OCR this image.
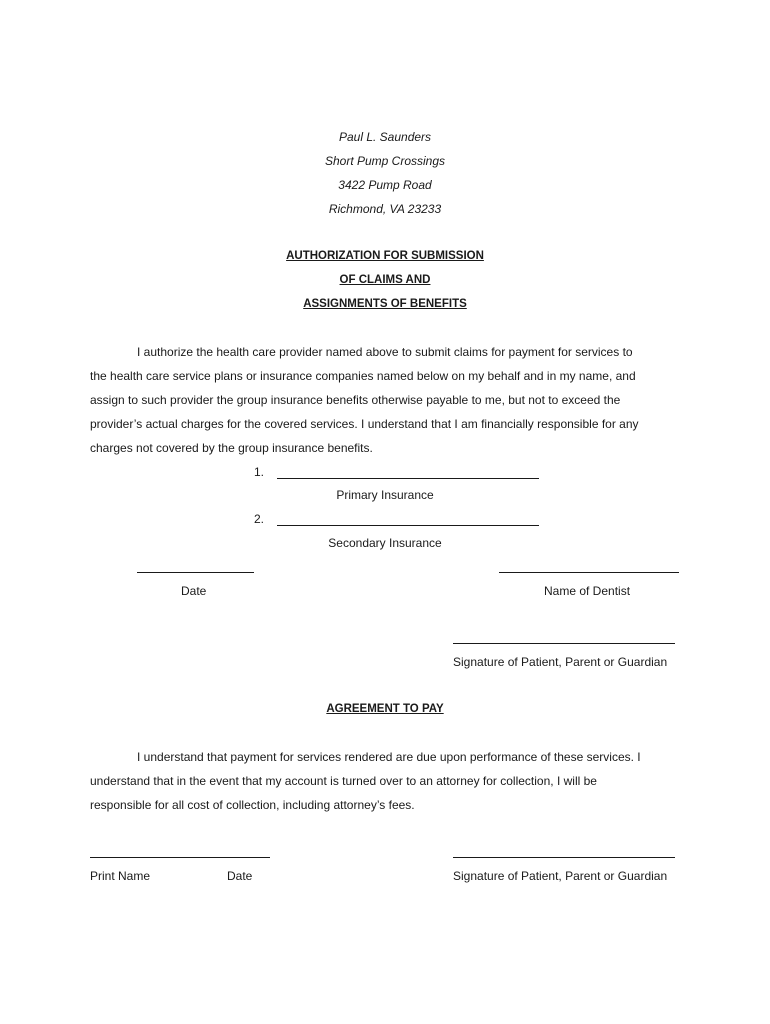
Paul L. Saunders
Short Pump Crossings
3422 Pump Road
Richmond, VA 23233
AUTHORIZATION FOR SUBMISSION
OF CLAIMS AND
ASSIGNMENTS OF BENEFITS
I authorize the health care provider named above to submit claims for payment for services to
the health care service plans or insurance companies named below on my behalf and in my name, and
assign to such provider the group insurance benefits otherwise payable to me, but not to exceed the
provider’s actual charges for the covered services. I understand that I am financially responsible for any
charges not covered by the group insurance benefits.
1.
Primary Insurance
2.
Secondary Insurance
Date	Name of Dentist
Signature of Patient, Parent or Guardian
AGREEMENT TO PAY
I understand that payment for services rendered are due upon performance of these services. I
understand that in the event that my account is turned over to an attorney for collection, I will be
responsible for all cost of collection, including attorney’s fees.
Print Name	Date	Signature of Patient, Parent or Guardian
